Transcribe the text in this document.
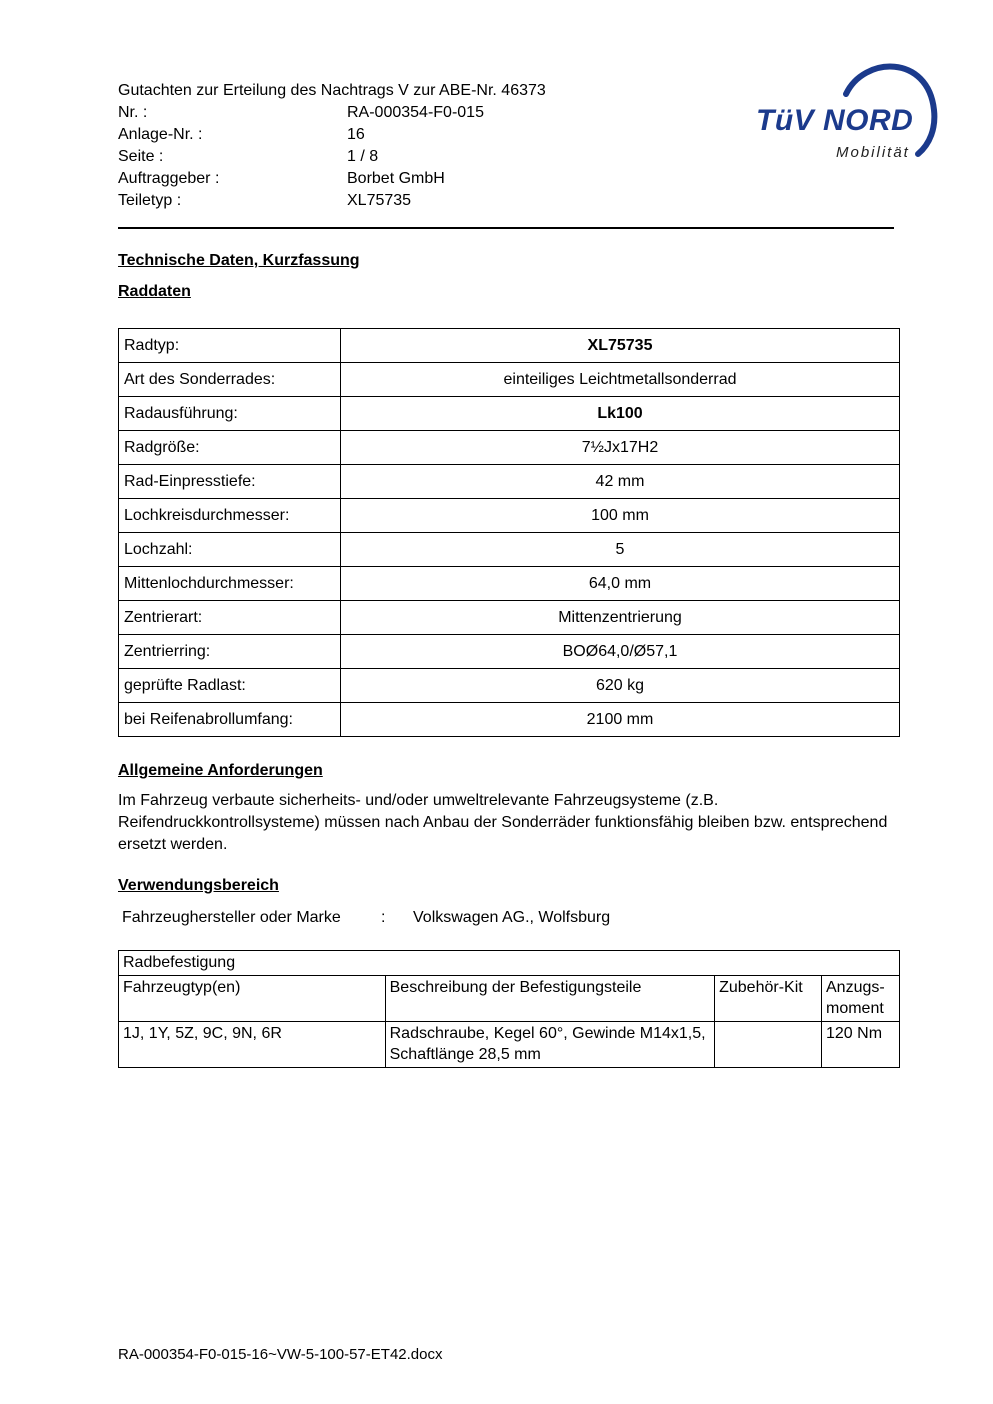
TüV NORD
Mobilität
Gutachten zur Erteilung des Nachtrags V zur ABE-Nr. 46373
Nr. :	RA-000354-F0-015
Anlage-Nr. :	16
Seite :	1 / 8
Auftraggeber :	Borbet GmbH
Teiletyp :	XL75735
Technische Daten, Kurzfassung
Raddaten
Radtyp:	XL75735
Art des Sonderrades:	einteiliges Leichtmetallsonderrad
Radausführung:	Lk100
Radgröße:	7½Jx17H2
Rad-Einpresstiefe:	42 mm
Lochkreisdurchmesser:	100 mm
Lochzahl:	5
Mittenlochdurchmesser:	64,0 mm
Zentrierart:	Mittenzentrierung
Zentrierring:	BOØ64,0/Ø57,1
geprüfte Radlast:	620 kg
bei Reifenabrollumfang:	2100 mm
Allgemeine Anforderungen

Im Fahrzeug verbaute sicherheits- und/oder umweltrelevante Fahrzeugsysteme (z.B. Reifendruckkontrollsysteme) müssen nach Anbau der Sonderräder funktionsfähig bleiben bzw. entsprechend ersetzt werden.

Verwendungsbereich
Fahrzeughersteller oder Marke	:	Volkswagen AG., Wolfsburg
Radbefestigung			
Fahrzeugtyp(en)	Beschreibung der Befestigungsteile	Zubehör-Kit	Anzugs-moment
1J, 1Y, 5Z, 9C, 9N, 6R	Radschraube, Kegel 60°, Gewinde M14x1,5, Schaftlänge 28,5 mm		120 Nm
RA-000354-F0-015-16~VW-5-100-57-ET42.docx
